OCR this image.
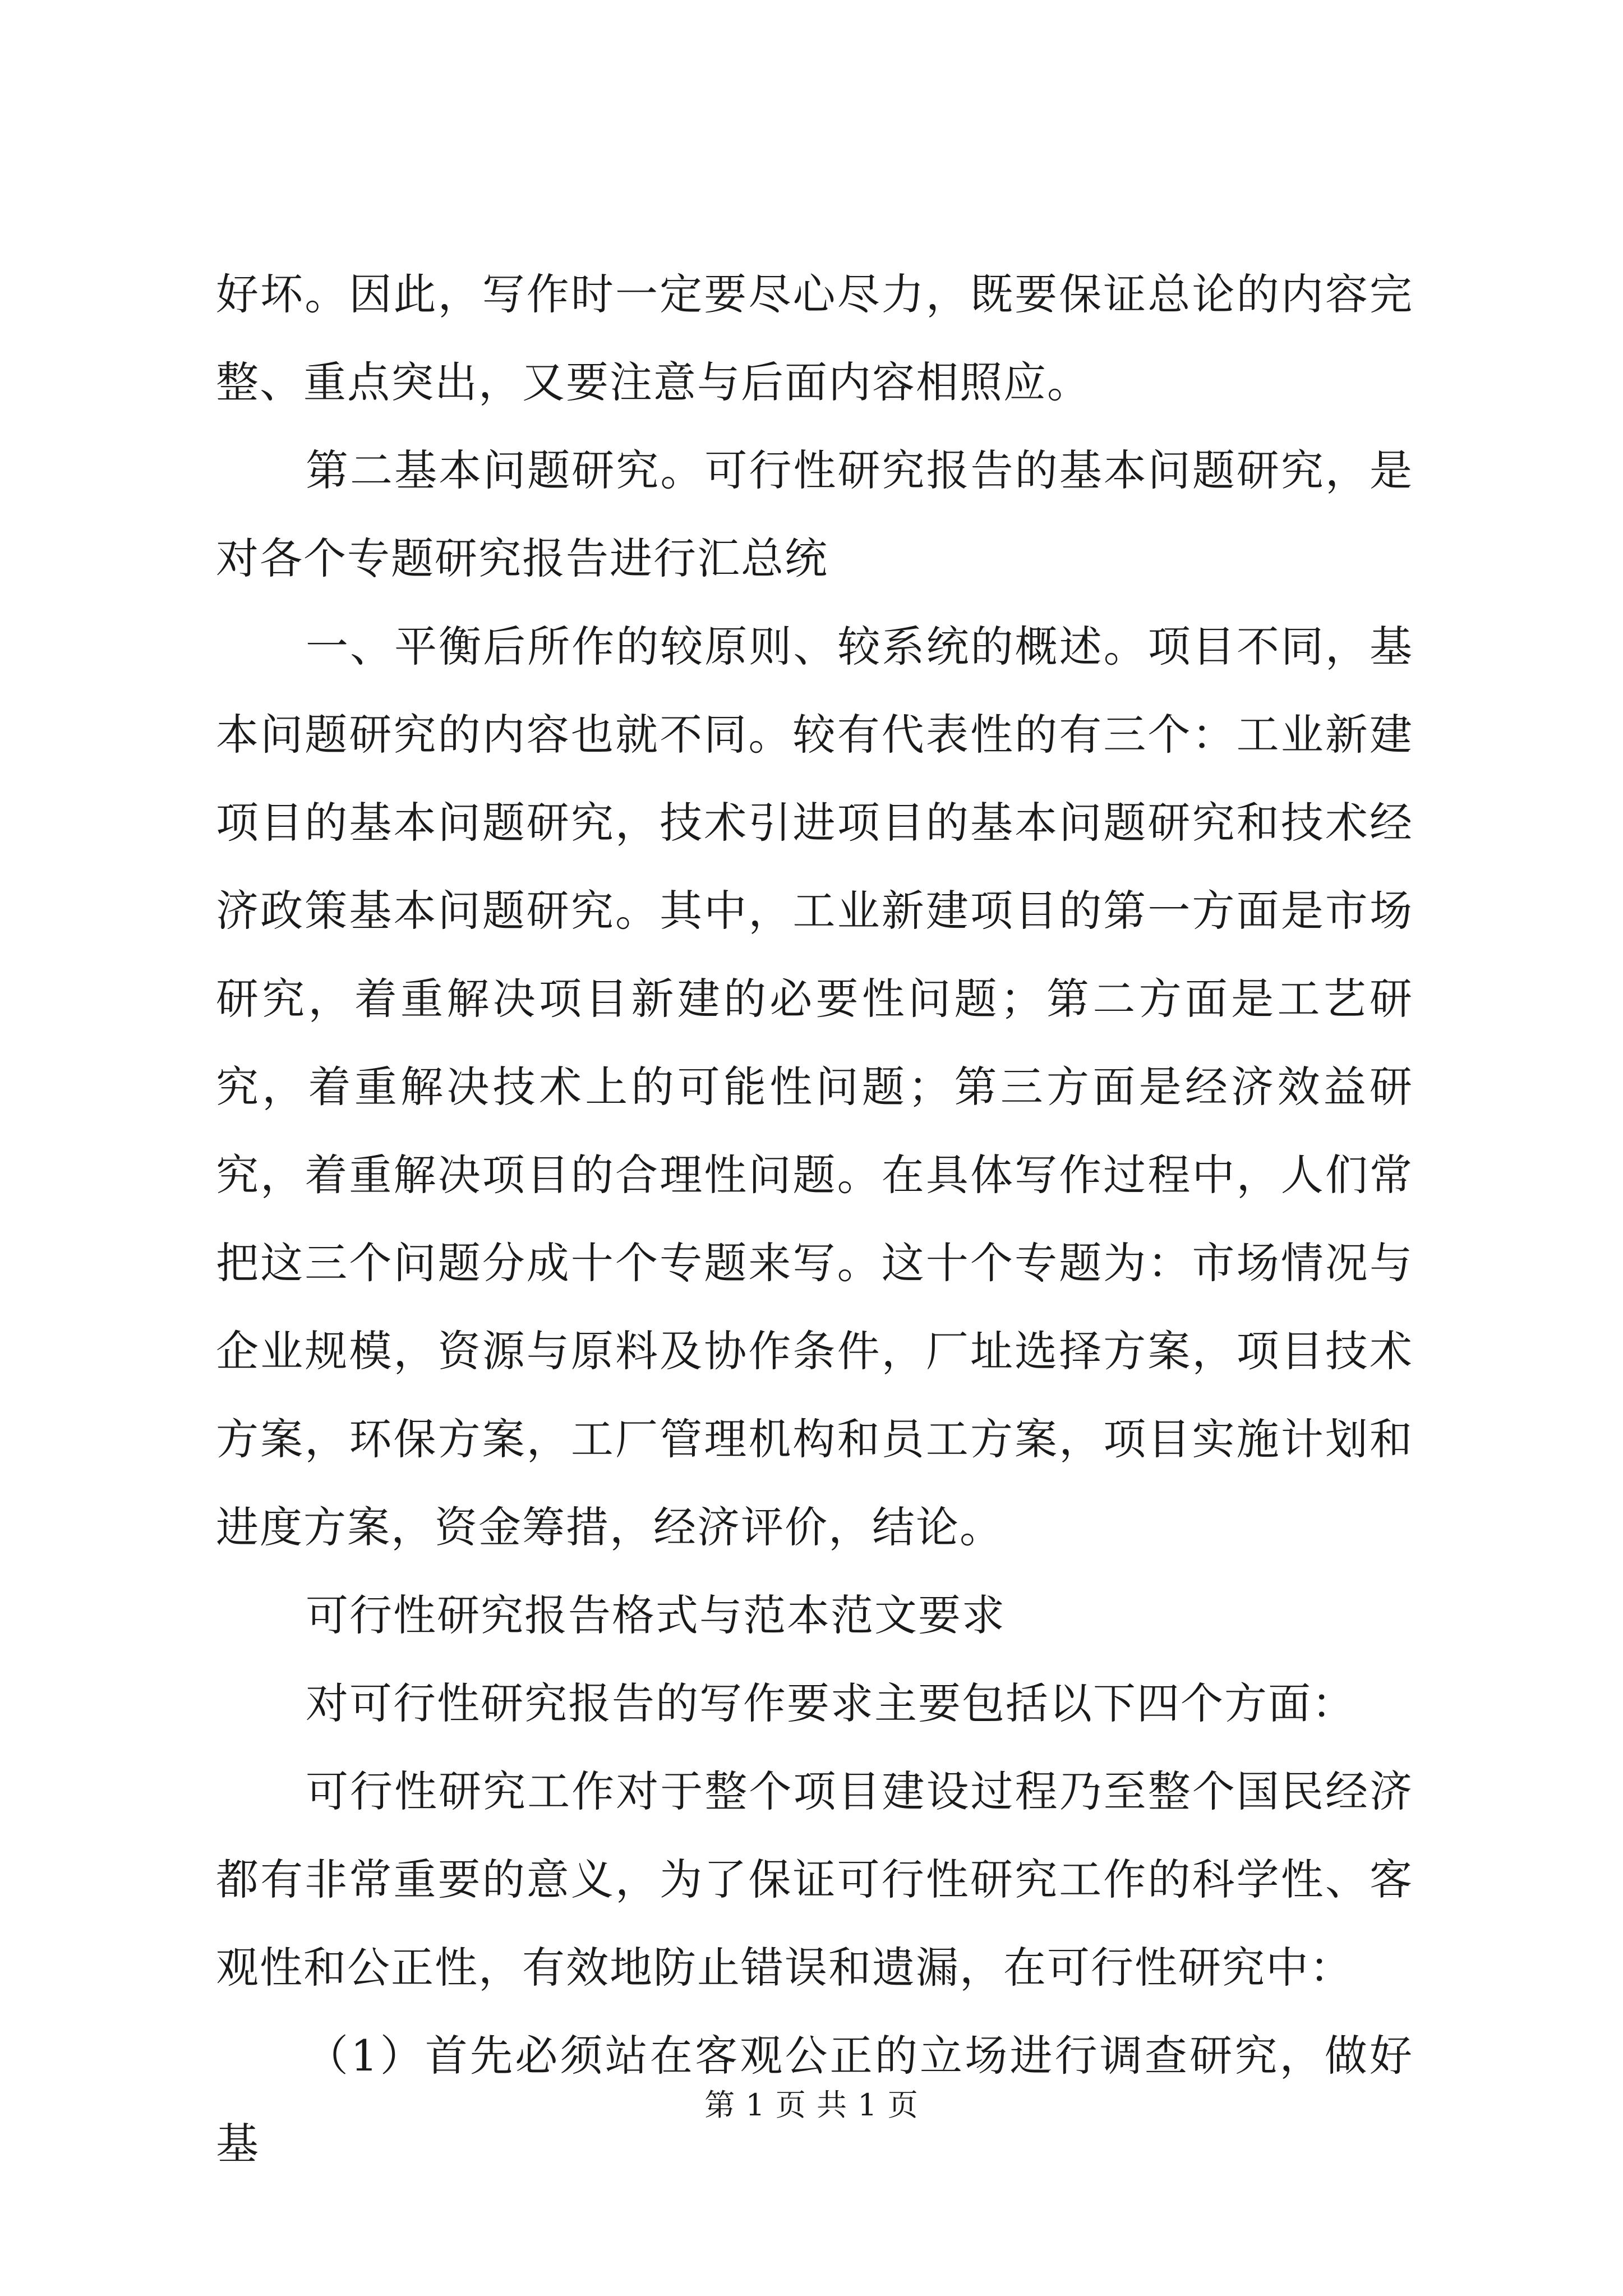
好坏。因此，写作时一定要尽心尽力，既要保证总论的内容完整、重点突出，又要注意与后面内容相照应。

第二基本问题研究。可行性研究报告的基本问题研究，是对各个专题研究报告进行汇总统

一、平衡后所作的较原则、较系统的概述。项目不同，基本问题研究的内容也就不同。较有代表性的有三个：工业新建项目的基本问题研究，技术引进项目的基本问题研究和技术经济政策基本问题研究。其中，工业新建项目的第一方面是市场研究，着重解决项目新建的必要性问题；第二方面是工艺研究，着重解决技术上的可能性问题；第三方面是经济效益研究，着重解决项目的合理性问题。在具体写作过程中，人们常把这三个问题分成十个专题来写。这十个专题为：市场情况与企业规模，资源与原料及协作条件，厂址选择方案，项目技术方案，环保方案，工厂管理机构和员工方案，项目实施计划和进度方案，资金筹措，经济评价，结论。

可行性研究报告格式与范本范文要求

对可行性研究报告的写作要求主要包括以下四个方面：

可行性研究工作对于整个项目建设过程乃至整个国民经济都有非常重要的意义，为了保证可行性研究工作的科学性、客观性和公正性，有效地防止错误和遗漏，在可行性研究中：

（1）首先必须站在客观公正的立场进行调查研究，做好基

第 1 页 共 1 页
